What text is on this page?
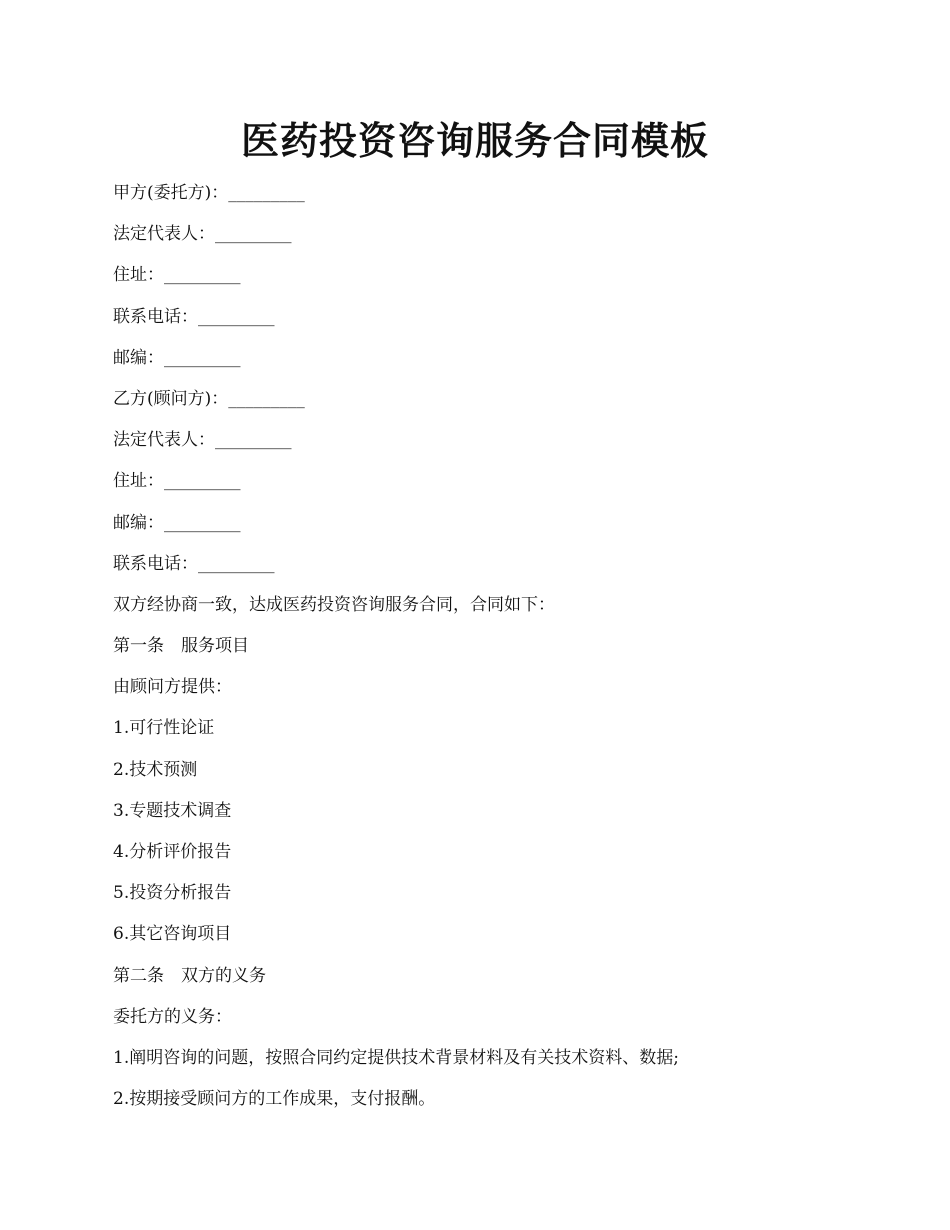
医药投资咨询服务合同模板
甲方(委托方)：_________
法定代表人：_________
住址：_________
联系电话：_________
邮编：_________
乙方(顾问方)：_________
法定代表人：_________
住址：_________
邮编：_________
联系电话：_________
双方经协商一致，达成医药投资咨询服务合同，合同如下：
第一条　服务项目
由顾问方提供：
1.可行性论证
2.技术预测
3.专题技术调查
4.分析评价报告
5.投资分析报告
6.其它咨询项目
第二条　双方的义务
委托方的义务：
1.阐明咨询的问题，按照合同约定提供技术背景材料及有关技术资料、数据;
2.按期接受顾问方的工作成果，支付报酬。
